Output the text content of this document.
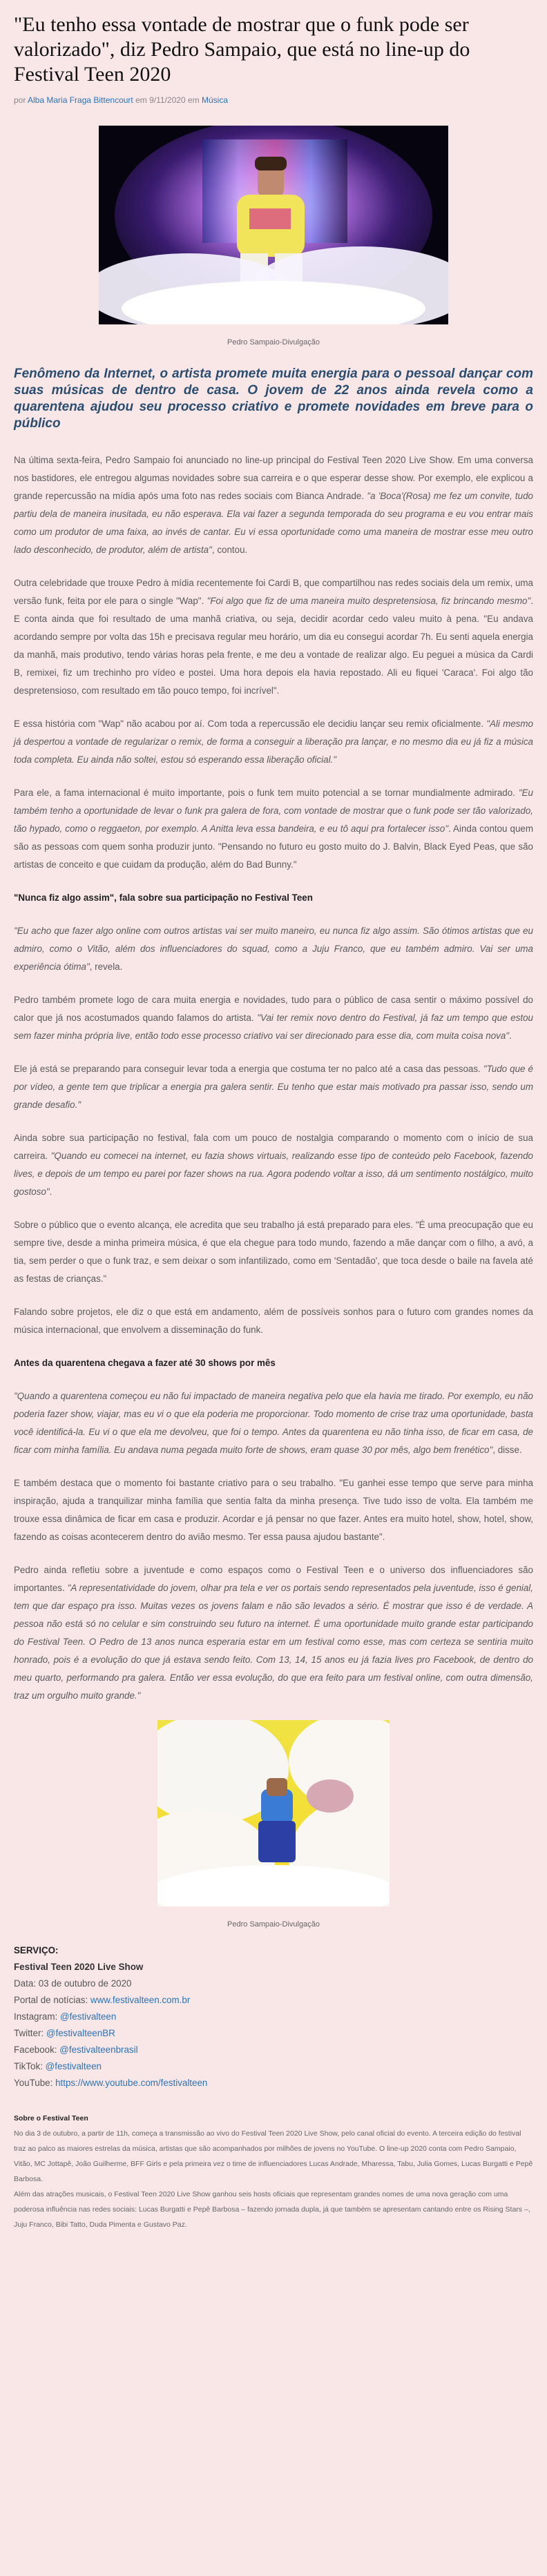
"Eu tenho essa vontade de mostrar que o funk pode ser valorizado", diz Pedro Sampaio, que está no line-up do Festival Teen 2020
por Alba Maria Fraga Bittencourt em 9/11/2020 em Música
Pedro Sampaio-Divulgação

Fenômeno da Internet, o artista promete muita energia para o pessoal dançar com suas músicas de dentro de casa. O jovem de 22 anos ainda revela como a quarentena ajudou seu processo criativo e promete novidades em breve para o público

Na última sexta-feira, Pedro Sampaio foi anunciado no line-up principal do Festival Teen 2020 Live Show. Em uma conversa nos bastidores, ele entregou algumas novidades sobre sua carreira e o que esperar desse show. Por exemplo, ele explicou a grande repercussão na mídia após uma foto nas redes sociais com Bianca Andrade. "a 'Boca'(Rosa) me fez um convite, tudo partiu dela de maneira inusitada, eu não esperava. Ela vai fazer a segunda temporada do seu programa e eu vou entrar mais como um produtor de uma faixa, ao invés de cantar. Eu vi essa oportunidade como uma maneira de mostrar esse meu outro lado desconhecido, de produtor, além de artista", contou.

Outra celebridade que trouxe Pedro à mídia recentemente foi Cardi B, que compartilhou nas redes sociais dela um remix, uma versão funk, feita por ele para o single "Wap". "Foi algo que fiz de uma maneira muito despretensiosa, fiz brincando mesmo". E conta ainda que foi resultado de uma manhã criativa, ou seja, decidir acordar cedo valeu muito à pena. "Eu andava acordando sempre por volta das 15h e precisava regular meu horário, um dia eu consegui acordar 7h. Eu senti aquela energia da manhã, mais produtivo, tendo várias horas pela frente, e me deu a vontade de realizar algo. Eu peguei a música da Cardi B, remixei, fiz um trechinho pro vídeo e postei. Uma hora depois ela havia repostado. Ali eu fiquei 'Caraca'. Foi algo tão despretensioso, com resultado em tão pouco tempo, foi incrível".

E essa história com "Wap" não acabou por aí. Com toda a repercussão ele decidiu lançar seu remix oficialmente. "Ali mesmo já despertou a vontade de regularizar o remix, de forma a conseguir a liberação pra lançar, e no mesmo dia eu já fiz a música toda completa. Eu ainda não soltei, estou só esperando essa liberação oficial."

Para ele, a fama internacional é muito importante, pois o funk tem muito potencial a se tornar mundialmente admirado. "Eu também tenho a oportunidade de levar o funk pra galera de fora, com vontade de mostrar que o funk pode ser tão valorizado, tão hypado, como o reggaeton, por exemplo. A Anitta leva essa bandeira, e eu tô aqui pra fortalecer isso". Ainda contou quem são as pessoas com quem sonha produzir junto. "Pensando no futuro eu gosto muito do J. Balvin, Black Eyed Peas, que são artistas de conceito e que cuidam da produção, além do Bad Bunny."

"Nunca fiz algo assim", fala sobre sua participação no Festival Teen

"Eu acho que fazer algo online com outros artistas vai ser muito maneiro, eu nunca fiz algo assim. São ótimos artistas que eu admiro, como o Vitão, além dos influenciadores do squad, como a Juju Franco, que eu também admiro. Vai ser uma experiência ótima", revela.

Pedro também promete logo de cara muita energia e novidades, tudo para o público de casa sentir o máximo possível do calor que já nos acostumados quando falamos do artista. "Vai ter remix novo dentro do Festival, já faz um tempo que estou sem fazer minha própria live, então todo esse processo criativo vai ser direcionado para esse dia, com muita coisa nova".

Ele já está se preparando para conseguir levar toda a energia que costuma ter no palco até a casa das pessoas. "Tudo que é por vídeo, a gente tem que triplicar a energia pra galera sentir. Eu tenho que estar mais motivado pra passar isso, sendo um grande desafio."

Ainda sobre sua participação no festival, fala com um pouco de nostalgia comparando o momento com o início de sua carreira. "Quando eu comecei na internet, eu fazia shows virtuais, realizando esse tipo de conteúdo pelo Facebook, fazendo lives, e depois de um tempo eu parei por fazer shows na rua. Agora podendo voltar a isso, dá um sentimento nostálgico, muito gostoso".

Sobre o público que o evento alcança, ele acredita que seu trabalho já está preparado para eles. "É uma preocupação que eu sempre tive, desde a minha primeira música, é que ela chegue para todo mundo, fazendo a mãe dançar com o filho, a avó, a tia, sem perder o que o funk traz, e sem deixar o som infantilizado, como em 'Sentadão', que toca desde o baile na favela até as festas de crianças."

Falando sobre projetos, ele diz o que está em andamento, além de possíveis sonhos para o futuro com grandes nomes da música internacional, que envolvem a disseminação do funk.

Antes da quarentena chegava a fazer até 30 shows por mês

"Quando a quarentena começou eu não fui impactado de maneira negativa pelo que ela havia me tirado. Por exemplo, eu não poderia fazer show, viajar, mas eu vi o que ela poderia me proporcionar. Todo momento de crise traz uma oportunidade, basta você identificá-la. Eu vi o que ela me devolveu, que foi o tempo. Antes da quarentena eu não tinha isso, de ficar em casa, de ficar com minha família. Eu andava numa pegada muito forte de shows, eram quase 30 por mês, algo bem frenético", disse.

E também destaca que o momento foi bastante criativo para o seu trabalho. "Eu ganhei esse tempo que serve para minha inspiração, ajuda a tranquilizar minha família que sentia falta da minha presença. Tive tudo isso de volta. Ela também me trouxe essa dinâmica de ficar em casa e produzir. Acordar e já pensar no que fazer. Antes era muito hotel, show, hotel, show, fazendo as coisas acontecerem dentro do avião mesmo. Ter essa pausa ajudou bastante".

Pedro ainda refletiu sobre a juventude e como espaços como o Festival Teen e o universo dos influenciadores são importantes. "A representatividade do jovem, olhar pra tela e ver os portais sendo representados pela juventude, isso é genial, tem que dar espaço pra isso. Muitas vezes os jovens falam e não são levados a sério. É mostrar que isso é de verdade. A pessoa não está só no celular e sim construindo seu futuro na internet. É uma oportunidade muito grande estar participando do Festival Teen. O Pedro de 13 anos nunca esperaria estar em um festival como esse, mas com certeza se sentiria muito honrado, pois é a evolução do que já estava sendo feito. Com 13, 14, 15 anos eu já fazia lives pro Facebook, de dentro do meu quarto, performando pra galera. Então ver essa evolução, do que era feito para um festival online, com outra dimensão, traz um orgulho muito grande."

Pedro Sampaio-Divulgação
SERVIÇO:
Festival Teen 2020 Live Show
Data: 03 de outubro de 2020
Portal de notícias: www.festivalteen.com.br
Instagram: @festivalteen
Twitter: @festivalteenBR
Facebook: @festivalteenbrasil
TikTok: @festivalteen
YouTube: https://www.youtube.com/festivalteen
Sobre o Festival Teen
No dia 3 de outubro, a partir de 11h, começa a transmissão ao vivo do Festival Teen 2020 Live Show, pelo canal oficial do evento. A terceira edição do festival traz ao palco as maiores estrelas da música, artistas que são acompanhados por milhões de jovens no YouTube. O line-up 2020 conta com Pedro Sampaio, Vitão, MC Jottapê, João Guilherme, BFF Girls e pela primeira vez o time de influenciadores Lucas Andrade, Mharessa, Tabu, Julia Gomes, Lucas Burgatti e Pepê Barbosa.
Além das atrações musicais, o Festival Teen 2020 Live Show ganhou seis hosts oficiais que representam grandes nomes de uma nova geração com uma poderosa influência nas redes sociais: Lucas Burgatti e Pepê Barbosa – fazendo jornada dupla, já que também se apresentam cantando entre os Rising Stars –, Juju Franco, Bibi Tatto, Duda Pimenta e Gustavo Paz.
